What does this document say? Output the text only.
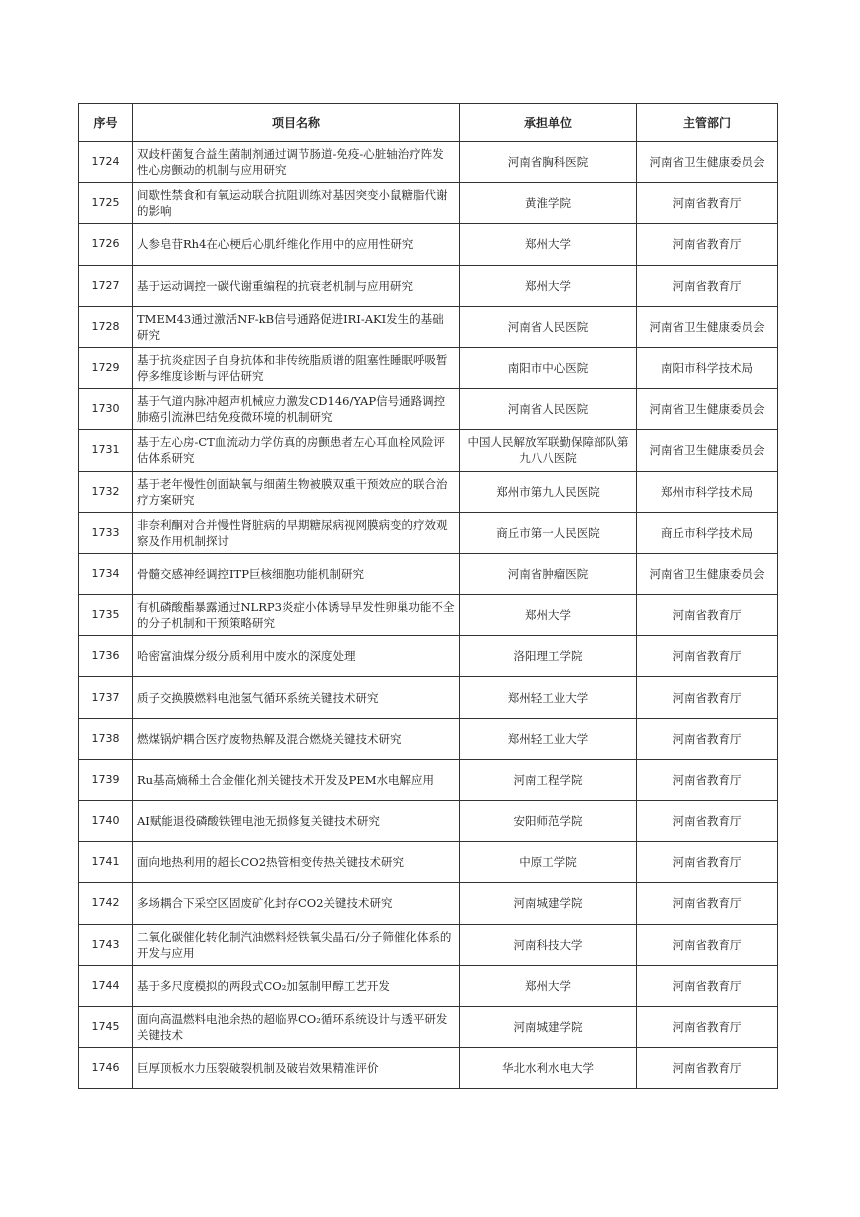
序号	项目名称	承担单位	主管部门
1724	双歧杆菌复合益生菌制剂通过调节肠道-免疫-心脏轴治疗阵发性心房颤动的机制与应用研究	河南省胸科医院	河南省卫生健康委员会
1725	间歇性禁食和有氧运动联合抗阻训练对基因突变小鼠糖脂代谢的影响	黄淮学院	河南省教育厅
1726	人参皂苷Rh4在心梗后心肌纤维化作用中的应用性研究	郑州大学	河南省教育厅
1727	基于运动调控一碳代谢重编程的抗衰老机制与应用研究	郑州大学	河南省教育厅
1728	TMEM43通过激活NF-kB信号通路促进IRI-AKI发生的基础研究	河南省人民医院	河南省卫生健康委员会
1729	基于抗炎症因子自身抗体和非传统脂质谱的阻塞性睡眠呼吸暂停多维度诊断与评估研究	南阳市中心医院	南阳市科学技术局
1730	基于气道内脉冲超声机械应力激发CD146/YAP信号通路调控肺癌引流淋巴结免疫微环境的机制研究	河南省人民医院	河南省卫生健康委员会
1731	基于左心房-CT血流动力学仿真的房颤患者左心耳血栓风险评估体系研究	中国人民解放军联勤保障部队第九八八医院	河南省卫生健康委员会
1732	基于老年慢性创面缺氧与细菌生物被膜双重干预效应的联合治疗方案研究	郑州市第九人民医院	郑州市科学技术局
1733	非奈利酮对合并慢性肾脏病的早期糖尿病视网膜病变的疗效观察及作用机制探讨	商丘市第一人民医院	商丘市科学技术局
1734	骨髓交感神经调控ITP巨核细胞功能机制研究	河南省肿瘤医院	河南省卫生健康委员会
1735	有机磷酸酯暴露通过NLRP3炎症小体诱导早发性卵巢功能不全的分子机制和干预策略研究	郑州大学	河南省教育厅
1736	哈密富油煤分级分质利用中废水的深度处理	洛阳理工学院	河南省教育厅
1737	质子交换膜燃料电池氢气循环系统关键技术研究	郑州轻工业大学	河南省教育厅
1738	燃煤锅炉耦合医疗废物热解及混合燃烧关键技术研究	郑州轻工业大学	河南省教育厅
1739	Ru基高熵稀土合金催化剂关键技术开发及PEM水电解应用	河南工程学院	河南省教育厅
1740	AI赋能退役磷酸铁锂电池无损修复关键技术研究	安阳师范学院	河南省教育厅
1741	面向地热利用的超长CO2热管相变传热关键技术研究	中原工学院	河南省教育厅
1742	多场耦合下采空区固废矿化封存CO2关键技术研究	河南城建学院	河南省教育厅
1743	二氧化碳催化转化制汽油燃料烃铁氧尖晶石/分子筛催化体系的开发与应用	河南科技大学	河南省教育厅
1744	基于多尺度模拟的两段式CO₂加氢制甲醇工艺开发	郑州大学	河南省教育厅
1745	面向高温燃料电池余热的超临界CO₂循环系统设计与透平研发关键技术	河南城建学院	河南省教育厅
1746	巨厚顶板水力压裂破裂机制及破岩效果精准评价	华北水利水电大学	河南省教育厅
